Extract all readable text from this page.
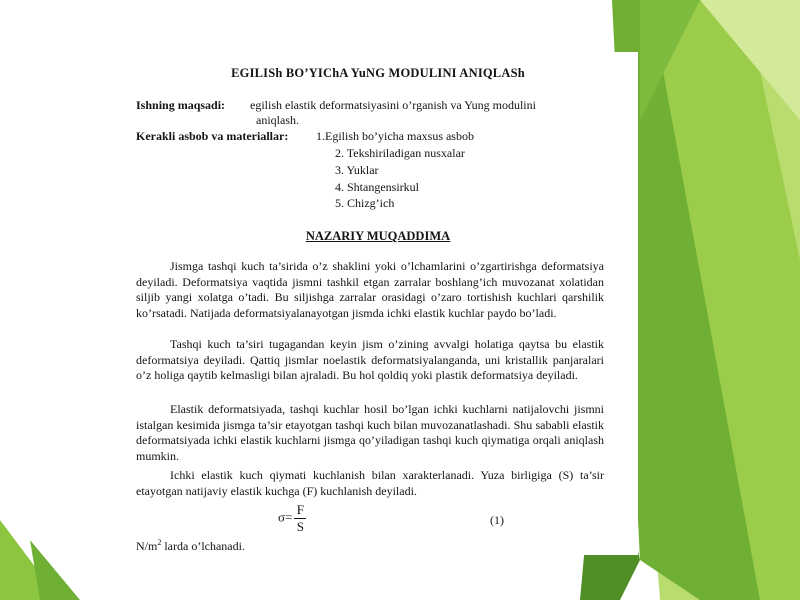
EGILISh BO’YIChA YuNG MODULINI ANIQLASh
Ishning maqsadi: egilish elastik deformatsiyasini o’rganish va Yung modulini
aniqlash.
Kerakli asbob va materiallar: 1.Egilish bo’yicha maxsus asbob
2. Tekshiriladigan nusxalar
3. Yuklar
4. Shtangensirkul
5. Chizg’ich
NAZARIY MUQADDIMA
Jismga tashqi kuch ta’sirida o’z shaklini yoki o’lchamlarini o’zgartirishga deformatsiya deyiladi. Deformatsiya vaqtida jismni tashkil etgan zarralar boshlang’ich muvozanat xolatidan siljib yangi xolatga o’tadi. Bu siljishga zarralar orasidagi o’zaro tortishish kuchlari qarshilik ko’rsatadi. Natijada deformatsiyalanayotgan jismda ichki elastik kuchlar paydo bo’ladi.
Tashqi kuch ta’siri tugagandan keyin jism o’zining avvalgi holatiga qaytsa bu elastik deformatsiya deyiladi. Qattiq jismlar noelastik deformatsiyalanganda, uni kristallik panjaralari o’z holiga qaytib kelmasligi bilan ajraladi. Bu hol qoldiq yoki plastik deformatsiya deyiladi.
Elastik deformatsiyada, tashqi kuchlar hosil bo’lgan ichki kuchlarni natijalovchi jismni istalgan kesimida jismga ta’sir etayotgan tashqi kuch bilan muvozanatlashadi. Shu sababli elastik deformatsiyada ichki elastik kuchlarni jismga qo’yiladigan tashqi kuch qiymatiga orqali aniqlash mumkin.
Ichki elastik kuch qiymati kuchlanish bilan xarakterlanadi. Yuza birligiga (S) ta’sir etayotgan natijaviy elastik kuchga (F) kuchlanish deyiladi.
$\sigma= \frac{F}{S}$	(1)
$N/m^2$ larda o’lchanadi.
